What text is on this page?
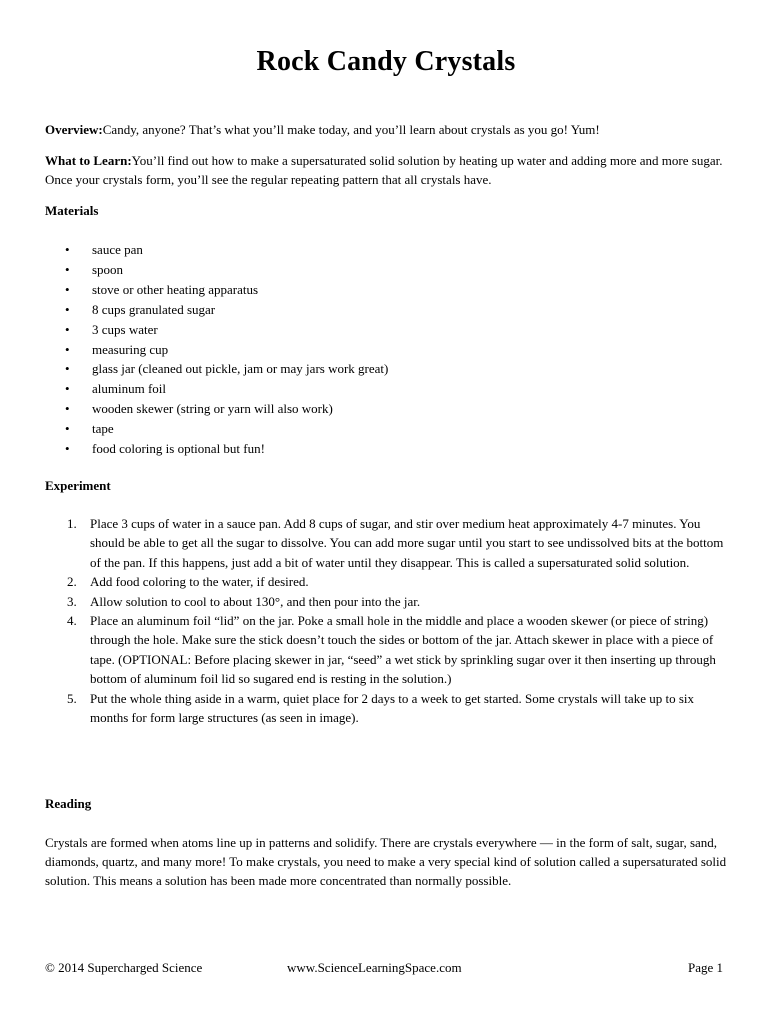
Rock Candy Crystals

Overview:Candy, anyone? That’s what you’ll make today, and you’ll learn about crystals as you go! Yum!

What to Learn:You’ll find out how to make a supersaturated solid solution by heating up water and adding more and more sugar. Once your crystals form, you’ll see the regular repeating pattern that all crystals have.

Materials

• sauce pan
• spoon
• stove or other heating apparatus
• 8 cups granulated sugar
• 3 cups water
• measuring cup
• glass jar (cleaned out pickle, jam or may jars work great)
• aluminum foil
• wooden skewer (string or yarn will also work)
• tape
• food coloring is optional but fun!

Experiment

1. Place 3 cups of water in a sauce pan. Add 8 cups of sugar, and stir over medium heat approximately 4-7 minutes. You should be able to get all the sugar to dissolve. You can add more sugar until you start to see undissolved bits at the bottom of the pan. If this happens, just add a bit of water until they disappear. This is called a supersaturated solid solution.
2. Add food coloring to the water, if desired.
3. Allow solution to cool to about 130°, and then pour into the jar.
4. Place an aluminum foil “lid” on the jar. Poke a small hole in the middle and place a wooden skewer (or piece of string) through the hole. Make sure the stick doesn’t touch the sides or bottom of the jar. Attach skewer in place with a piece of tape. (OPTIONAL: Before placing skewer in jar, “seed” a wet stick by sprinkling sugar over it then inserting up through bottom of aluminum foil lid so sugared end is resting in the solution.)
5. Put the whole thing aside in a warm, quiet place for 2 days to a week to get started. Some crystals will take up to six months for form large structures (as seen in image).

Reading

Crystals are formed when atoms line up in patterns and solidify. There are crystals everywhere — in the form of salt, sugar, sand, diamonds, quartz, and many more! To make crystals, you need to make a very special kind of solution called a supersaturated solid solution. This means a solution has been made more concentrated than normally possible.

© 2014 Supercharged Science	www.ScienceLearningSpace.com	Page 1
